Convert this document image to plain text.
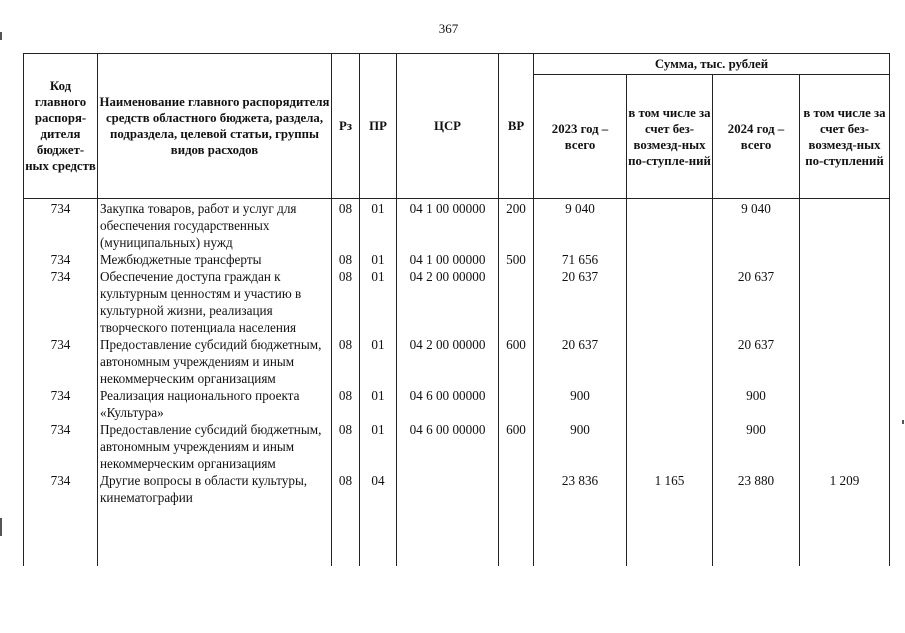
367
Код главного распоря-дителя бюджет-ных средств	Наименование главного распорядителя средств областного бюджета, раздела, подраздела, целевой статьи, группы видов расходов	Рз	ПР	ЦСР	ВР	Сумма, тыс. рублей			
						2023 год – всего	в том числе за счет без-возмезд-ных по-ступле-ний	2024 год – всего	в том числе за счет без-возмезд-ных по-ступлений
734	Закупка товаров, работ и услуг для обеспечения государственных (муниципальных) нужд	08	01	04 1 00 00000	200	9 040		9 040	
734	Межбюджетные трансферты	08	01	04 1 00 00000	500	71 656			
734	Обеспечение доступа граждан к культурным ценностям и участию в культурной жизни, реализация творческого потенциала населения	08	01	04 2 00 00000		20 637		20 637	
734	Предоставление субсидий бюджетным, автономным учреждениям и иным некоммерческим организациям	08	01	04 2 00 00000	600	20 637		20 637	
734	Реализация национального проекта «Культура»	08	01	04 6 00 00000		900		900	
734	Предоставление субсидий бюджетным, автономным учреждениям и иным некоммерческим организациям	08	01	04 6 00 00000	600	900		900	
734	Другие вопросы в области культуры, кинематографии	08	04			23 836	1 165	23 880	1 209
